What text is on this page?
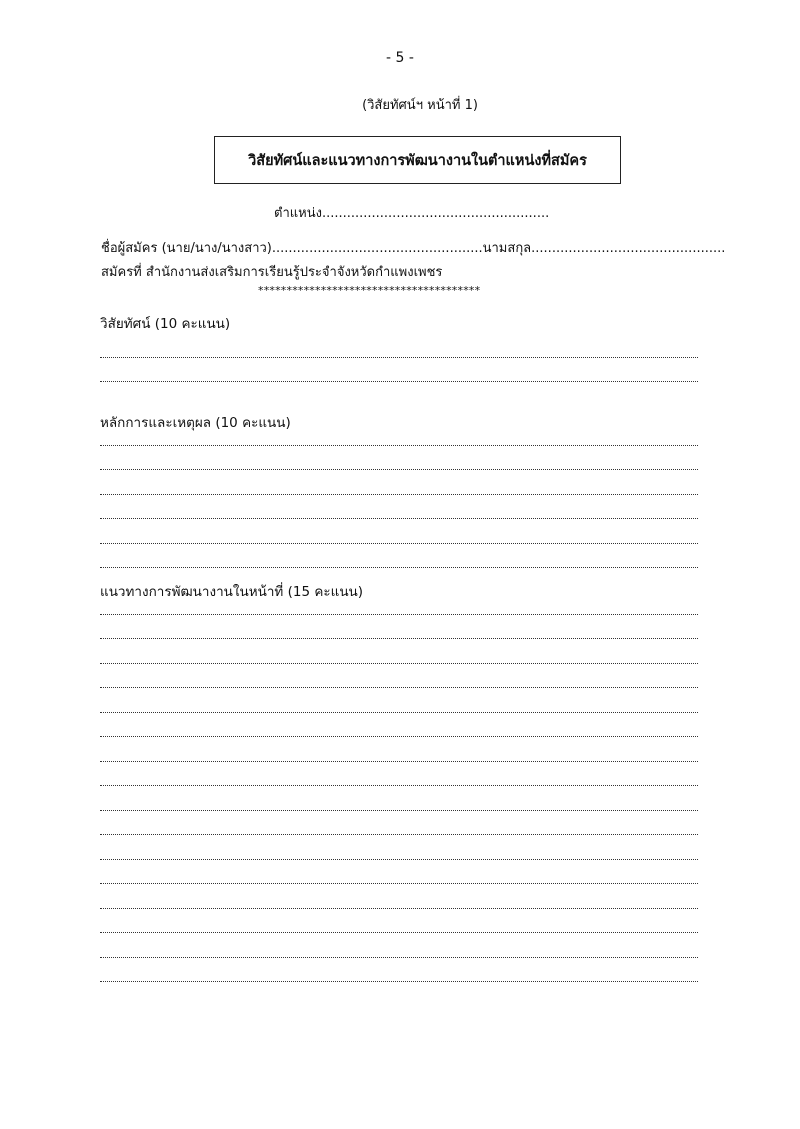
- 5 -
(วิสัยทัศน์ฯ หน้าที่ 1)
วิสัยทัศน์และแนวทางการพัฒนางานในตำแหน่งที่สมัคร
ตำแหน่ง.......................................................
ชื่อผู้สมัคร (นาย/นาง/นางสาว)...................................................นามสกุล...............................................
สมัครที่ สำนักงานส่งเสริมการเรียนรู้ประจำจังหวัดกำแพงเพชร
***************************************
วิสัยทัศน์ (10 คะแนน)
หลักการและเหตุผล (10 คะแนน)
แนวทางการพัฒนางานในหน้าที่ (15 คะแนน)
